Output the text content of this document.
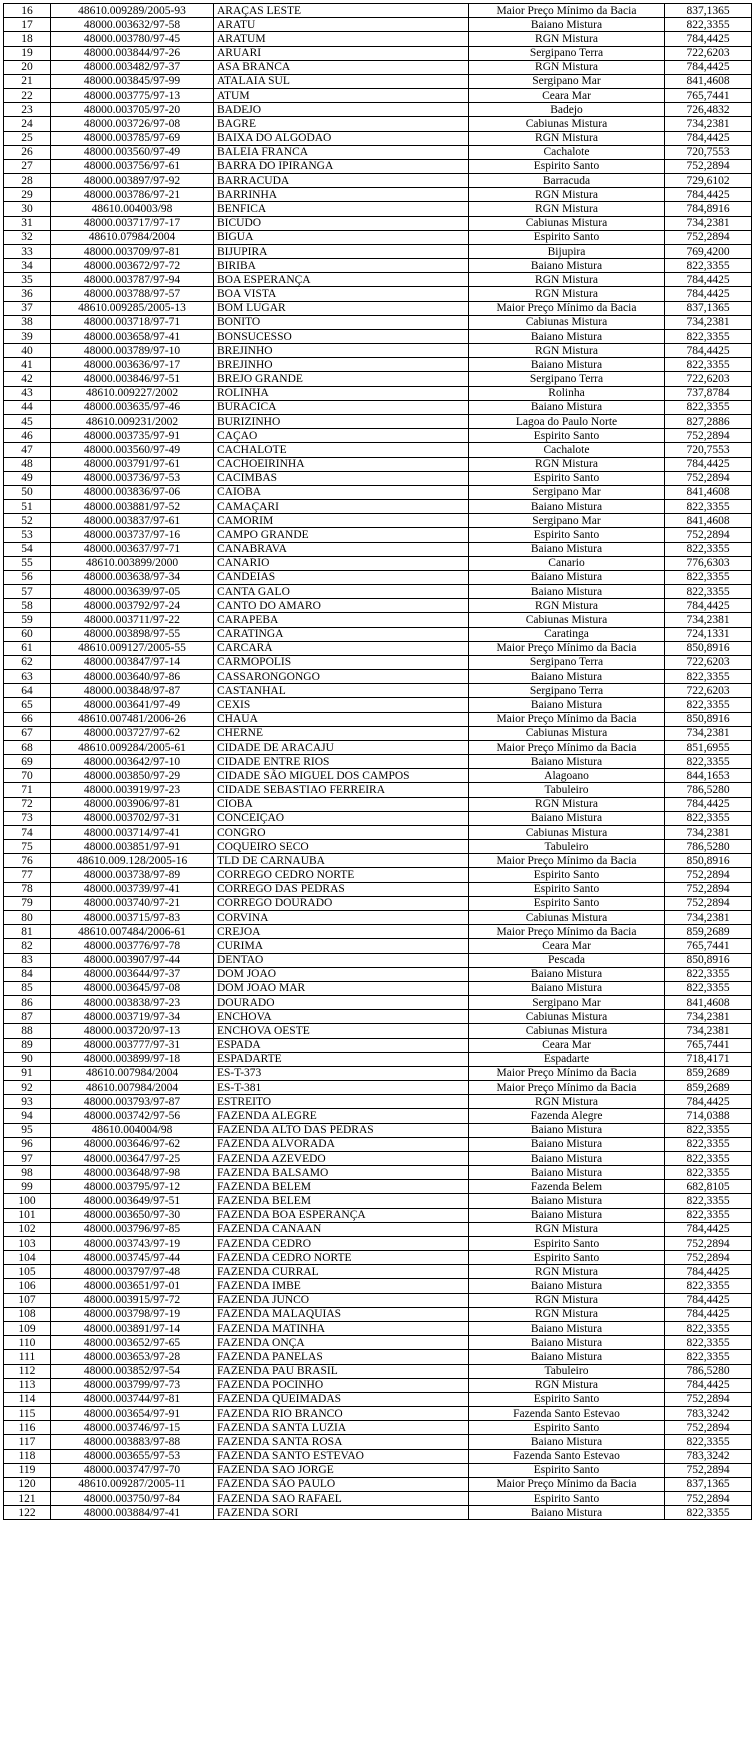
16	48610.009289/2005-93	ARAÇAS LESTE	Maior Preço Mínimo da Bacia	837,1365
17	48000.003632/97-58	ARATU	Baiano Mistura	822,3355
18	48000.003780/97-45	ARATUM	RGN Mistura	784,4425
19	48000.003844/97-26	ARUARI	Sergipano Terra	722,6203
20	48000.003482/97-37	ASA BRANCA	RGN Mistura	784,4425
21	48000.003845/97-99	ATALAIA SUL	Sergipano Mar	841,4608
22	48000.003775/97-13	ATUM	Ceara Mar	765,7441
23	48000.003705/97-20	BADEJO	Badejo	726,4832
24	48000.003726/97-08	BAGRE	Cabiunas Mistura	734,2381
25	48000.003785/97-69	BAIXA DO ALGODAO	RGN Mistura	784,4425
26	48000.003560/97-49	BALEIA FRANCA	Cachalote	720,7553
27	48000.003756/97-61	BARRA DO IPIRANGA	Espirito Santo	752,2894
28	48000.003897/97-92	BARRACUDA	Barracuda	729,6102
29	48000.003786/97-21	BARRINHA	RGN Mistura	784,4425
30	48610.004003/98	BENFICA	RGN Mistura	784,8916
31	48000.003717/97-17	BICUDO	Cabiunas Mistura	734,2381
32	48610.07984/2004	BIGUA	Espirito Santo	752,2894
33	48000.003709/97-81	BIJUPIRA	Bijupira	769,4200
34	48000.003672/97-72	BIRIBA	Baiano Mistura	822,3355
35	48000.003787/97-94	BOA ESPERANÇA	RGN Mistura	784,4425
36	48000.003788/97-57	BOA VISTA	RGN Mistura	784,4425
37	48610.009285/2005-13	BOM LUGAR	Maior Preço Mínimo da Bacia	837,1365
38	48000.003718/97-71	BONITO	Cabiunas Mistura	734,2381
39	48000.003658/97-41	BONSUCESSO	Baiano Mistura	822,3355
40	48000.003789/97-10	BREJINHO	RGN Mistura	784,4425
41	48000.003636/97-17	BREJINHO	Baiano Mistura	822,3355
42	48000.003846/97-51	BREJO GRANDE	Sergipano Terra	722,6203
43	48610.009227/2002	ROLINHA	Rolinha	737,8784
44	48000.003635/97-46	BURACICA	Baiano Mistura	822,3355
45	48610.009231/2002	BURIZINHO	Lagoa do Paulo Norte	827,2886
46	48000.003735/97-91	CAÇAO	Espirito Santo	752,2894
47	48000.003560/97-49	CACHALOTE	Cachalote	720,7553
48	48000.003791/97-61	CACHOEIRINHA	RGN Mistura	784,4425
49	48000.003736/97-53	CACIMBAS	Espirito Santo	752,2894
50	48000.003836/97-06	CAIOBA	Sergipano Mar	841,4608
51	48000.003881/97-52	CAMAÇARI	Baiano Mistura	822,3355
52	48000.003837/97-61	CAMORIM	Sergipano Mar	841,4608
53	48000.003737/97-16	CAMPO GRANDE	Espirito Santo	752,2894
54	48000.003637/97-71	CANABRAVA	Baiano Mistura	822,3355
55	48610.003899/2000	CANARIO	Canario	776,6303
56	48000.003638/97-34	CANDEIAS	Baiano Mistura	822,3355
57	48000.003639/97-05	CANTA GALO	Baiano Mistura	822,3355
58	48000.003792/97-24	CANTO DO AMARO	RGN Mistura	784,4425
59	48000.003711/97-22	CARAPEBA	Cabiunas Mistura	734,2381
60	48000.003898/97-55	CARATINGA	Caratinga	724,1331
61	48610.009127/2005-55	CARCARÁ	Maior Preço Mínimo da Bacia	850,8916
62	48000.003847/97-14	CARMOPOLIS	Sergipano Terra	722,6203
63	48000.003640/97-86	CASSARONGONGO	Baiano Mistura	822,3355
64	48000.003848/97-87	CASTANHAL	Sergipano Terra	722,6203
65	48000.003641/97-49	CEXIS	Baiano Mistura	822,3355
66	48610.007481/2006-26	CHAUA	Maior Preço Mínimo da Bacia	850,8916
67	48000.003727/97-62	CHERNE	Cabiunas Mistura	734,2381
68	48610.009284/2005-61	CIDADE DE ARACAJU	Maior Preço Mínimo da Bacia	851,6955
69	48000.003642/97-10	CIDADE ENTRE RIOS	Baiano Mistura	822,3355
70	48000.003850/97-29	CIDADE SÃO MIGUEL DOS CAMPOS	Alagoano	844,1653
71	48000.003919/97-23	CIDADE SEBASTIAO FERREIRA	Tabuleiro	786,5280
72	48000.003906/97-81	CIOBA	RGN Mistura	784,4425
73	48000.003702/97-31	CONCEIÇAO	Baiano Mistura	822,3355
74	48000.003714/97-41	CONGRO	Cabiunas Mistura	734,2381
75	48000.003851/97-91	COQUEIRO SECO	Tabuleiro	786,5280
76	48610.009.128/2005-16	TLD DE CARNAUBA	Maior Preço Mínimo da Bacia	850,8916
77	48000.003738/97-89	CORREGO CEDRO NORTE	Espirito Santo	752,2894
78	48000.003739/97-41	CORREGO DAS PEDRAS	Espirito Santo	752,2894
79	48000.003740/97-21	CORREGO DOURADO	Espirito Santo	752,2894
80	48000.003715/97-83	CORVINA	Cabiunas Mistura	734,2381
81	48610.007484/2006-61	CREJOA	Maior Preço Mínimo da Bacia	859,2689
82	48000.003776/97-78	CURIMA	Ceara Mar	765,7441
83	48000.003907/97-44	DENTAO	Pescada	850,8916
84	48000.003644/97-37	DOM JOAO	Baiano Mistura	822,3355
85	48000.003645/97-08	DOM JOAO MAR	Baiano Mistura	822,3355
86	48000.003838/97-23	DOURADO	Sergipano Mar	841,4608
87	48000.003719/97-34	ENCHOVA	Cabiunas Mistura	734,2381
88	48000.003720/97-13	ENCHOVA OESTE	Cabiunas Mistura	734,2381
89	48000.003777/97-31	ESPADA	Ceara Mar	765,7441
90	48000.003899/97-18	ESPADARTE	Espadarte	718,4171
91	48610.007984/2004	ES-T-373	Maior Preço Mínimo da Bacia	859,2689
92	48610.007984/2004	ES-T-381	Maior Preço Mínimo da Bacia	859,2689
93	48000.003793/97-87	ESTREITO	RGN Mistura	784,4425
94	48000.003742/97-56	FAZENDA ALEGRE	Fazenda Alegre	714,0388
95	48610.004004/98	FAZENDA ALTO DAS PEDRAS	Baiano Mistura	822,3355
96	48000.003646/97-62	FAZENDA ALVORADA	Baiano Mistura	822,3355
97	48000.003647/97-25	FAZENDA AZEVEDO	Baiano Mistura	822,3355
98	48000.003648/97-98	FAZENDA BALSAMO	Baiano Mistura	822,3355
99	48000.003795/97-12	FAZENDA BELEM	Fazenda Belem	682,8105
100	48000.003649/97-51	FAZENDA BELEM	Baiano Mistura	822,3355
101	48000.003650/97-30	FAZENDA BOA ESPERANÇA	Baiano Mistura	822,3355
102	48000.003796/97-85	FAZENDA CANAAN	RGN Mistura	784,4425
103	48000.003743/97-19	FAZENDA CEDRO	Espirito Santo	752,2894
104	48000.003745/97-44	FAZENDA CEDRO NORTE	Espirito Santo	752,2894
105	48000.003797/97-48	FAZENDA CURRAL	RGN Mistura	784,4425
106	48000.003651/97-01	FAZENDA IMBE	Baiano Mistura	822,3355
107	48000.003915/97-72	FAZENDA JUNCO	RGN Mistura	784,4425
108	48000.003798/97-19	FAZENDA MALAQUIAS	RGN Mistura	784,4425
109	48000.003891/97-14	FAZENDA MATINHA	Baiano Mistura	822,3355
110	48000.003652/97-65	FAZENDA ONÇA	Baiano Mistura	822,3355
111	48000.003653/97-28	FAZENDA PANELAS	Baiano Mistura	822,3355
112	48000.003852/97-54	FAZENDA PAU BRASIL	Tabuleiro	786,5280
113	48000.003799/97-73	FAZENDA POCINHO	RGN Mistura	784,4425
114	48000.003744/97-81	FAZENDA QUEIMADAS	Espirito Santo	752,2894
115	48000.003654/97-91	FAZENDA RIO BRANCO	Fazenda Santo Estevao	783,3242
116	48000.003746/97-15	FAZENDA SANTA LUZIA	Espirito Santo	752,2894
117	48000.003883/97-88	FAZENDA SANTA ROSA	Baiano Mistura	822,3355
118	48000.003655/97-53	FAZENDA SANTO ESTEVAO	Fazenda Santo Estevao	783,3242
119	48000.003747/97-70	FAZENDA SAO JORGE	Espirito Santo	752,2894
120	48610.009287/2005-11	FAZENDA SÃO PAULO	Maior Preço Mínimo da Bacia	837,1365
121	48000.003750/97-84	FAZENDA SAO RAFAEL	Espirito Santo	752,2894
122	48000.003884/97-41	FAZENDA SORI	Baiano Mistura	822,3355
